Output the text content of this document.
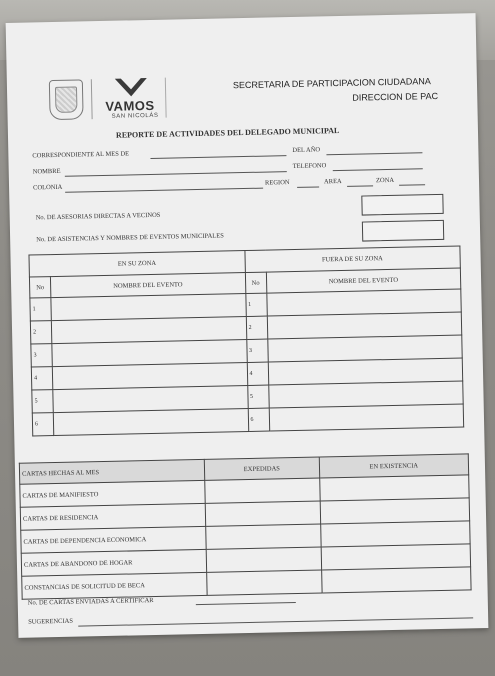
VAMOS
SAN NICOLÁS
SECRETARIA DE PARTICIPACION CIUDADANA
DIRECCION DE PAC
REPORTE DE ACTIVIDADES DEL DELEGADO MUNICIPAL
CORRESPONDIENTE AL MES DE
DEL AÑO
NOMBRE
TELEFONO
COLONIA
REGION	AREA	ZONA
No. DE ASESORIAS DIRECTAS A VECINOS
No. DE ASISTENCIAS Y NOMBRES DE EVENTOS MUNICIPALES
EN SU ZONA		FUERA DE SU ZONA	
No	NOMBRE DEL EVENTO	No	NOMBRE DEL EVENTO
1		1	
2		2	
3		3	
4		4	
5		5	
6		6	
CARTAS HECHAS AL MES	EXPEDIDAS	EN EXISTENCIA
CARTAS DE MANIFIESTO		
CARTAS DE RESIDENCIA		
CARTAS DE DEPENDENCIA ECONOMICA		
CARTAS DE ABANDONO DE HOGAR		
CONSTANCIAS DE SOLICITUD DE BECA		
No. DE CARTAS ENVIADAS A CERTIFICAR
SUGERENCIAS
